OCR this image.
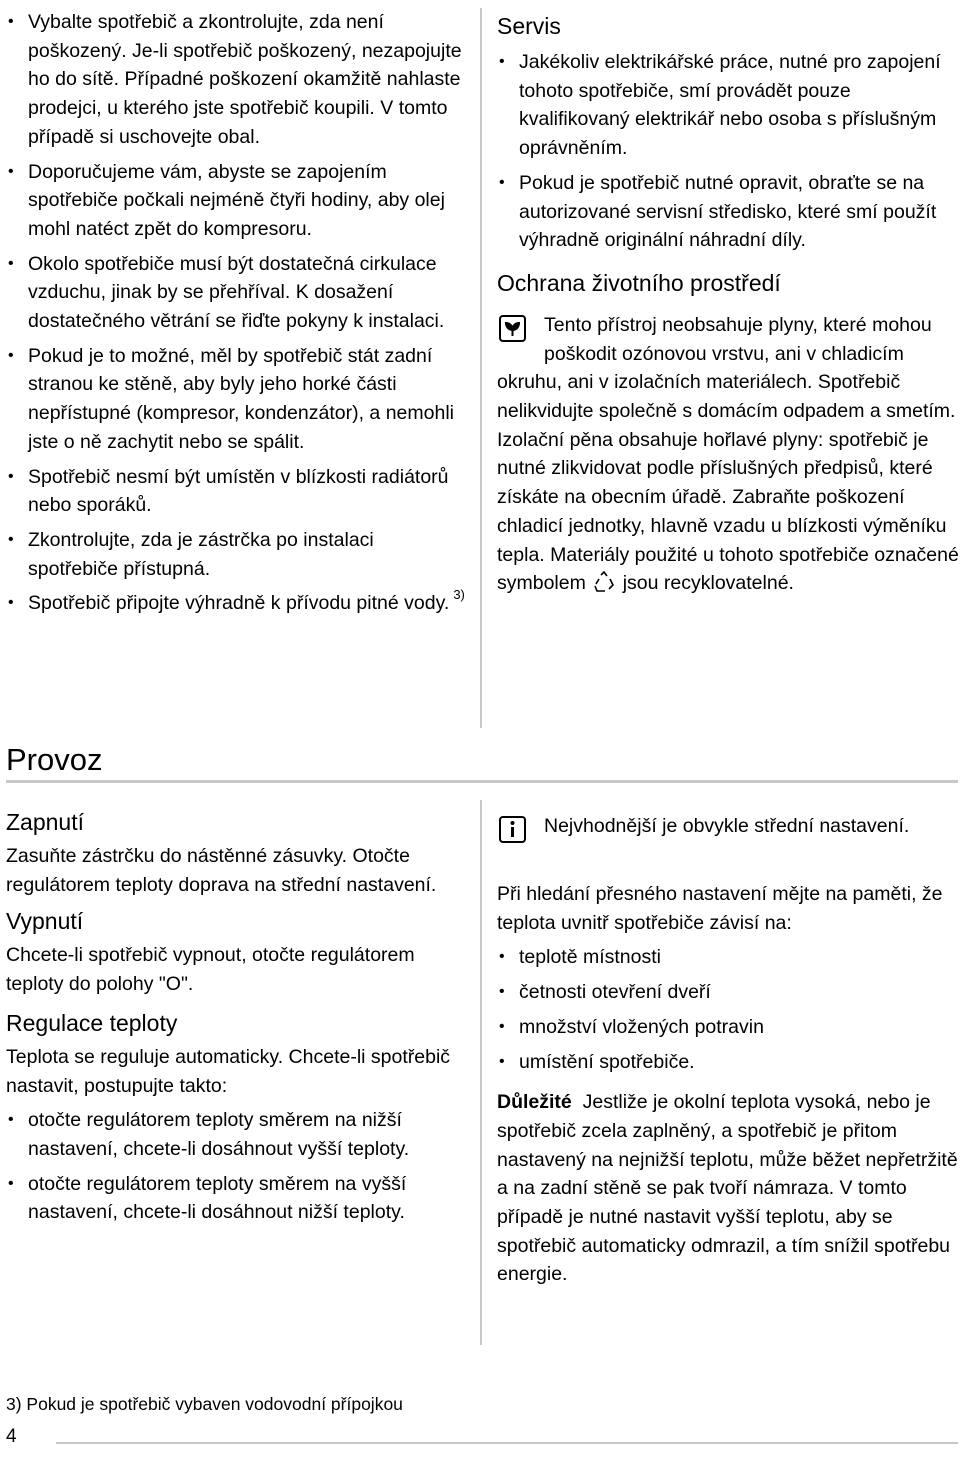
• Vybalte spotřebič a zkontrolujte, zda není poškozený. Je-li spotřebič poškozený, nezapojujte ho do sítě. Případné poškození okamžitě nahlaste prodejci, u kterého jste spotřebič koupili. V tomto případě si uschovejte obal.
• Doporučujeme vám, abyste se zapojením spotřebiče počkali nejméně čtyři hodiny, aby olej mohl natéct zpět do kompresoru.
• Okolo spotřebiče musí být dostatečná cirkulace vzduchu, jinak by se přehříval. K dosažení dostatečného větrání se řiďte pokyny k instalaci.
• Pokud je to možné, měl by spotřebič stát zadní stranou ke stěně, aby byly jeho horké části nepřístupné (kompresor, kondenzátor), a nemohli jste o ně zachytit nebo se spálit.
• Spotřebič nesmí být umístěn v blízkosti radiátorů nebo sporáků.
• Zkontrolujte, zda je zástrčka po instalaci spotřebiče přístupná.
• Spotřebič připojte výhradně k přívodu pitné vody. $^{3)}$
Servis
• Jakékoliv elektrikářské práce, nutné pro zapojení tohoto spotřebiče, smí provádět pouze kvalifikovaný elektrikář nebo osoba s příslušným oprávněním.
• Pokud je spotřebič nutné opravit, obraťte se na autorizované servisní středisko, které smí použít výhradně originální náhradní díly.
Ochrana životního prostředí

Tento přístroj neobsahuje plyny, které mohou poškodit ozónovou vrstvu, ani v chladicím okruhu, ani v izolačních materiálech. Spotřebič nelikvidujte společně s domácím odpadem a smetím. Izolační pěna obsahuje hořlavé plyny: spotřebič je nutné zlikvidovat podle příslušných předpisů, které získáte na obecním úřadě. Zabraňte poškození chladicí jednotky, hlavně vzadu u blízkosti výměníku tepla. Materiály použité u tohoto spotřebiče označené symbolem jsou recyklovatelné.

Provoz
Zapnutí

Zasuňte zástrčku do nástěnné zásuvky. Otočte regulátorem teploty doprava na střední nastavení.

Vypnutí

Chcete-li spotřebič vypnout, otočte regulátorem teploty do polohy "O".

Regulace teploty

Teplota se reguluje automaticky. Chcete-li spotřebič nastavit, postupujte takto:

• otočte regulátorem teploty směrem na nižší nastavení, chcete-li dosáhnout vyšší teploty.
• otočte regulátorem teploty směrem na vyšší nastavení, chcete-li dosáhnout nižší teploty.

Nejvhodnější je obvykle střední nastavení.

Při hledání přesného nastavení mějte na paměti, že teplota uvnitř spotřebiče závisí na:

• teplotě místnosti
• četnosti otevření dveří
• množství vložených potravin
• umístění spotřebiče.

Důležité Jestliže je okolní teplota vysoká, nebo je spotřebič zcela zaplněný, a spotřebič je přitom nastavený na nejnižší teplotu, může běžet nepřetržitě a na zadní stěně se pak tvoří námraza. V tomto případě je nutné nastavit vyšší teplotu, aby se spotřebič automaticky odmrazil, a tím snížil spotřebu energie.

3) Pokud je spotřebič vybaven vodovodní přípojkou
4
